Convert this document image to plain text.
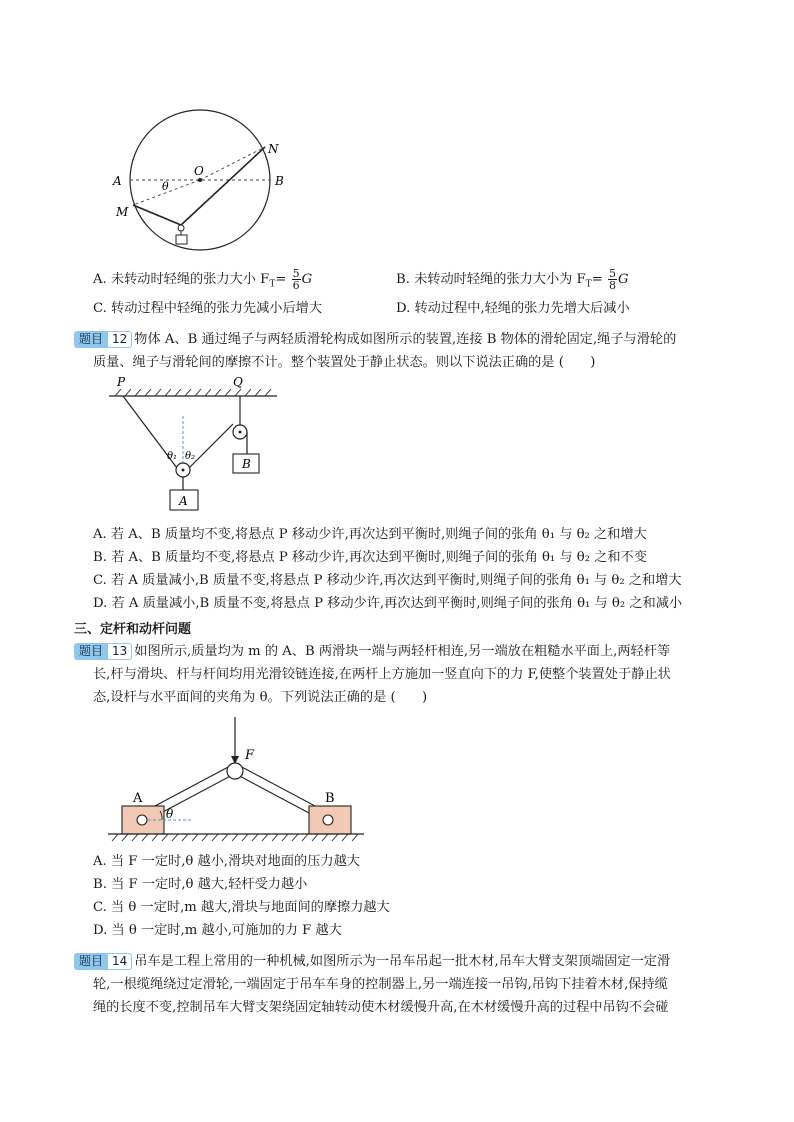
A	B
O
N
M
θ
A. 未转动时轻绳的张力大小 $F_T= \frac{5}{6}$ G	B. 未转动时轻绳的张力大小为 $F_T= \frac{5}{8}$ G
C. 转动过程中轻绳的张力先减小后增大	D. 转动过程中,轻绳的张力先增大后减小

题目 12 物体 A、B 通过绳子与两轻质滑轮构成如图所示的装置,连接 B 物体的滑轮固定,绳子与滑轮的

质量、绳子与滑轮间的摩擦不计。整个装置处于静止状态。则以下说法正确的是 (　　)

P	Q
θ₁ θ₂
A
B
A. 若 A、B 质量均不变,将悬点 P 移动少许,再次达到平衡时,则绳子间的张角 θ₁ 与 θ₂ 之和增大
B. 若 A、B 质量均不变,将悬点 P 移动少许,再次达到平衡时,则绳子间的张角 θ₁ 与 θ₂ 之和不变
C. 若 A 质量减小,B 质量不变,将悬点 P 移动少许,再次达到平衡时,则绳子间的张角 θ₁ 与 θ₂ 之和增大
D. 若 A 质量减小,B 质量不变,将悬点 P 移动少许,再次达到平衡时,则绳子间的张角 θ₁ 与 θ₂ 之和减小
三、定杆和动杆问题

题目 13 如图所示,质量均为 m 的 A、B 两滑块一端与两轻杆相连,另一端放在粗糙水平面上,两轻杆等

长,杆与滑块、杆与杆间均用光滑铰链连接,在两杆上方施加一竖直向下的力 F,使整个装置处于静止状

态,设杆与水平面间的夹角为 θ。下列说法正确的是 (　　)

F
θ
A	B
A. 当 F 一定时,θ 越小,滑块对地面的压力越大
B. 当 F 一定时,θ 越大,轻杆受力越小
C. 当 θ 一定时,m 越大,滑块与地面间的摩擦力越大
D. 当 θ 一定时,m 越小,可施加的力 F 越大

题目 14 吊车是工程上常用的一种机械,如图所示为一吊车吊起一批木材,吊车大臂支架顶端固定一定滑

轮,一根缆绳绕过定滑轮,一端固定于吊车车身的控制器上,另一端连接一吊钩,吊钩下挂着木材,保持缆

绳的长度不变,控制吊车大臂支架绕固定轴转动使木材缓慢升高,在木材缓慢升高的过程中吊钩不会碰
